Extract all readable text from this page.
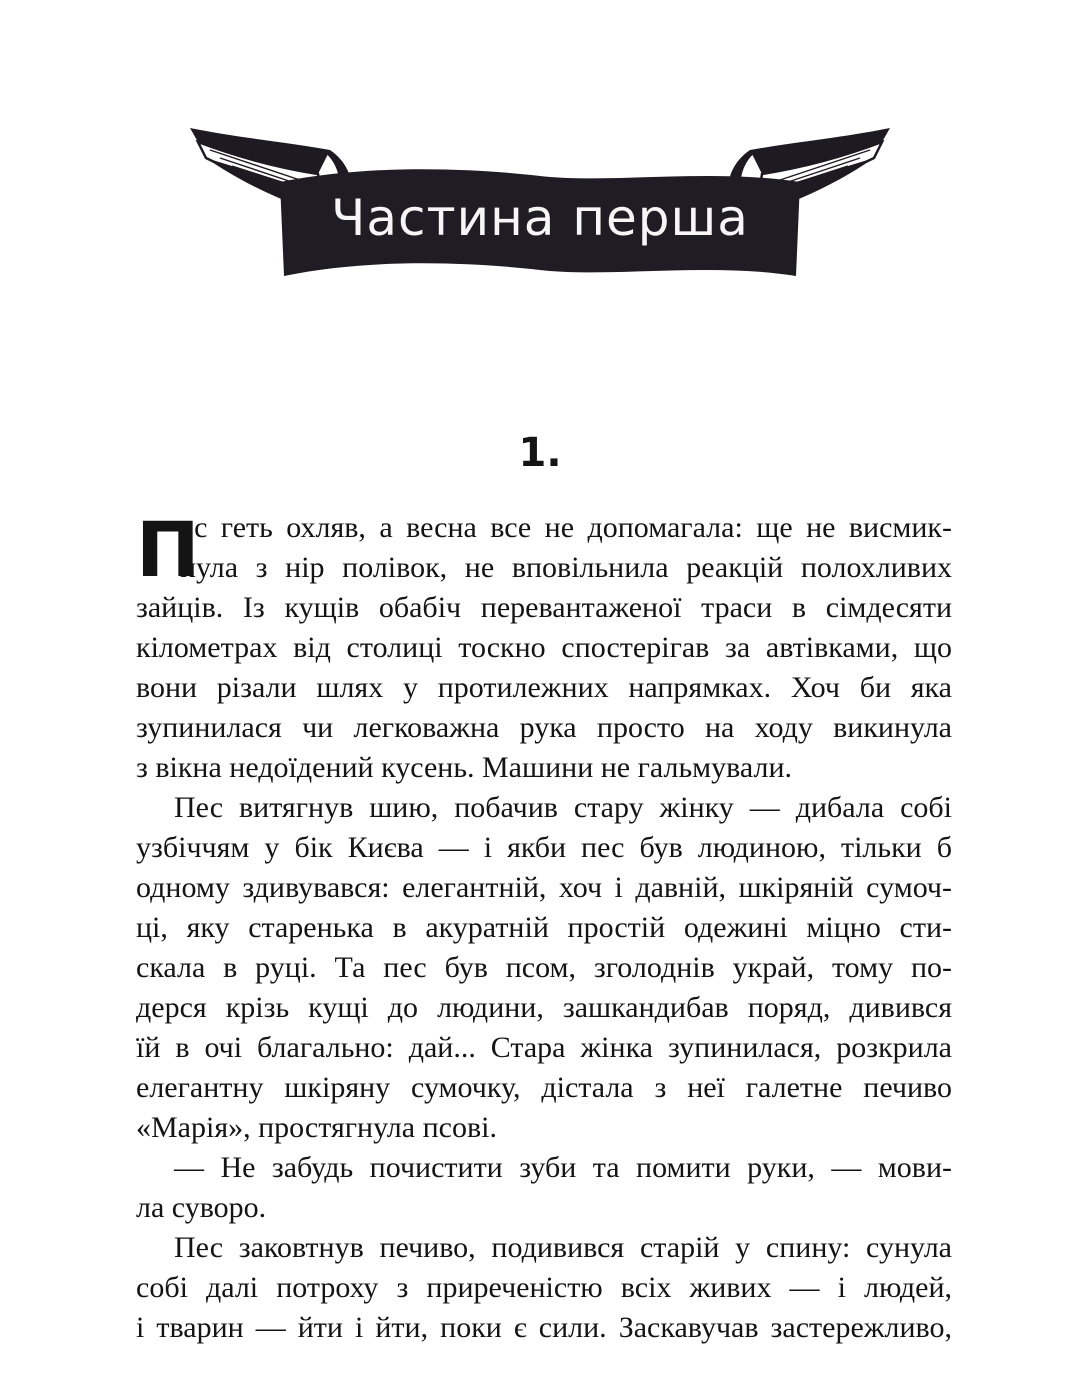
Частина перша
1.
П
ес геть охляв, а весна все не допомагала: ще не висмик-
нула з нір полівок, не вповільнила реакцій полохливих
зайців. Із кущів обабіч перевантаженої траси в сімдесяти
кілометрах від столиці тоскно спостерігав за автівками, що
вони різали шлях у протилежних напрямках. Хоч би яка
зупинилася чи легковажна рука просто на ходу викинула
з вікна недоїдений кусень. Машини не гальмували.
Пес витягнув шию, побачив стару жінку — дибала собі
узбіччям у бік Києва — і якби пес був людиною, тільки б
одному здивувався: елегантній, хоч і давній, шкіряній сумоч-
ці, яку старенька в акуратній простій одежині міцно сти-
скала в руці. Та пес був псом, зголоднів украй, тому по-
дерся крізь кущі до людини, зашкандибав поряд, дивився
їй в очі благально: дай... Стара жінка зупинилася, розкрила
елегантну шкіряну сумочку, дістала з неї галетне печиво
«Марія», простягнула псові.
— Не забудь почистити зуби та помити руки, — мови-
ла суворо.
Пес заковтнув печиво, подивився старій у спину: сунула
собі далі потроху з приреченістю всіх живих — і людей,
і тварин — йти і йти, поки є сили. Заскавучав застережливо,
